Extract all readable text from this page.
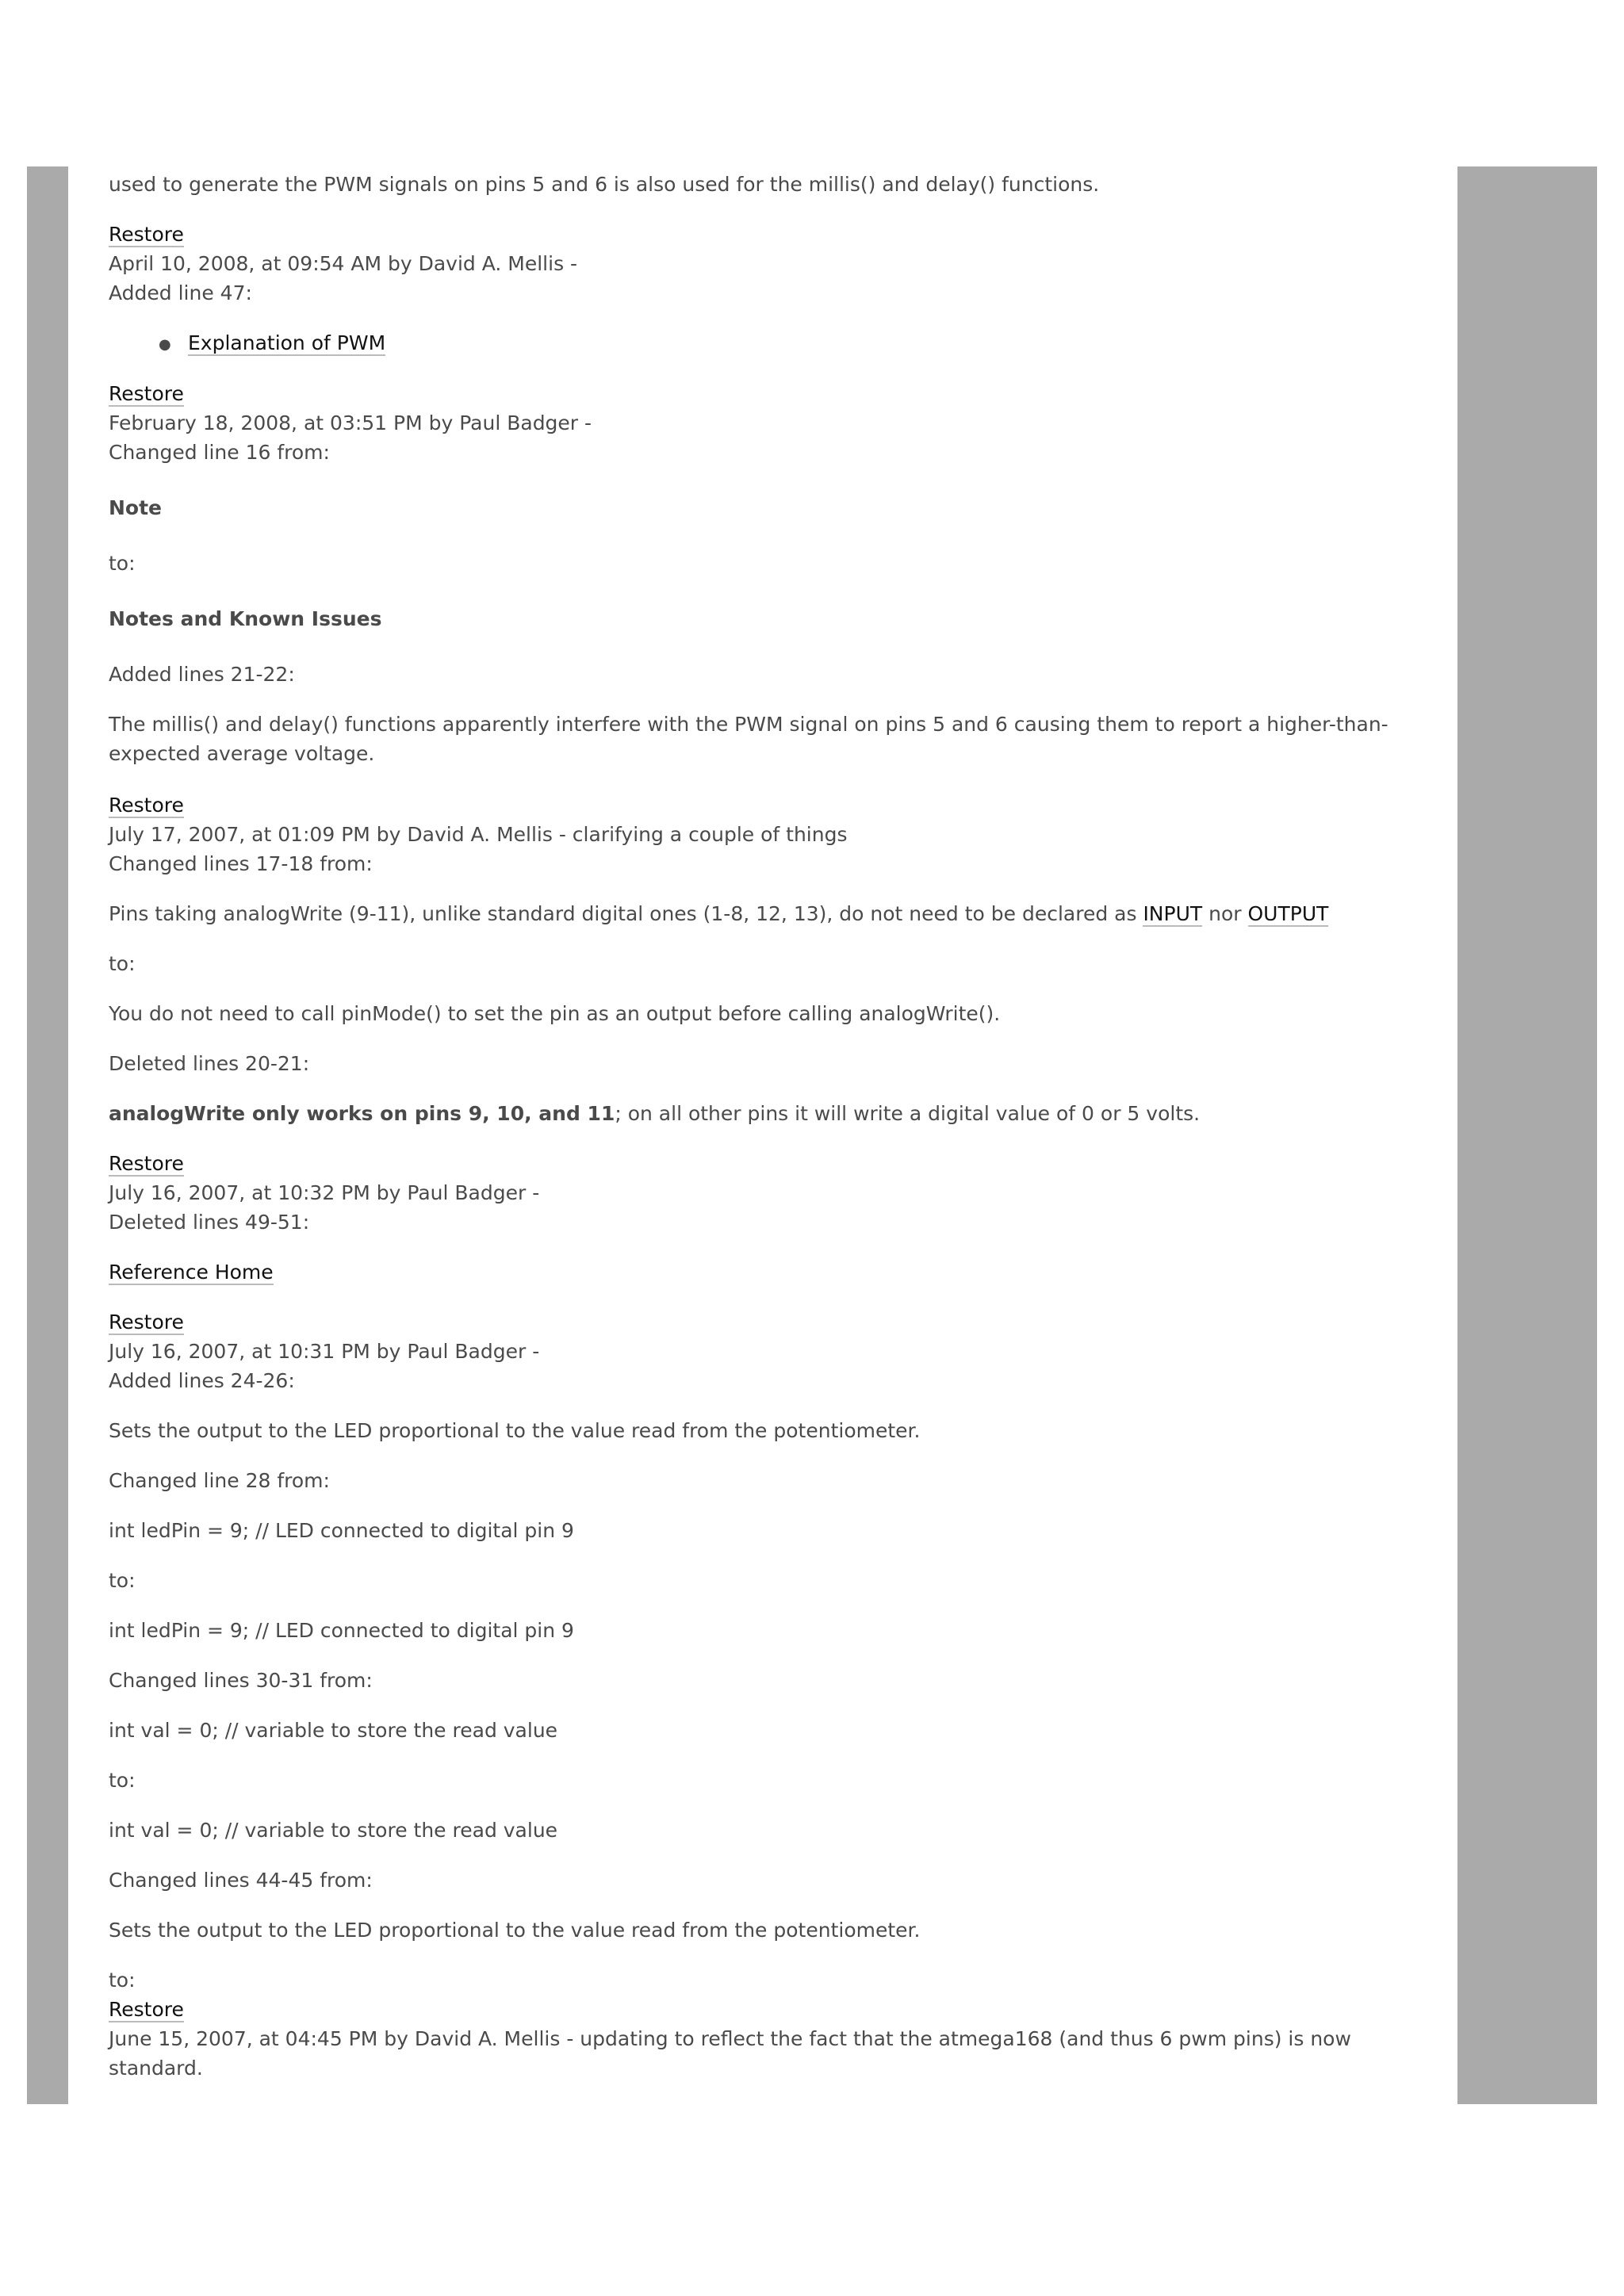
used to generate the PWM signals on pins 5 and 6 is also used for the millis() and delay() functions.
Restore
April 10, 2008, at 09:54 AM by David A. Mellis -
Added line 47:
● Explanation of PWM
Restore
February 18, 2008, at 03:51 PM by Paul Badger -
Changed line 16 from:
Note
to:
Notes and Known Issues
Added lines 21-22:
The millis() and delay() functions apparently interfere with the PWM signal on pins 5 and 6 causing them to report a higher-than-expected average voltage.
Restore
July 17, 2007, at 01:09 PM by David A. Mellis - clarifying a couple of things
Changed lines 17-18 from:
Pins taking analogWrite (9-11), unlike standard digital ones (1-8, 12, 13), do not need to be declared as INPUT nor OUTPUT
to:
You do not need to call pinMode() to set the pin as an output before calling analogWrite().
Deleted lines 20-21:
analogWrite only works on pins 9, 10, and 11; on all other pins it will write a digital value of 0 or 5 volts.
Restore
July 16, 2007, at 10:32 PM by Paul Badger -
Deleted lines 49-51:
Reference Home
Restore
July 16, 2007, at 10:31 PM by Paul Badger -
Added lines 24-26:
Sets the output to the LED proportional to the value read from the potentiometer.
Changed line 28 from:
int ledPin = 9; // LED connected to digital pin 9
to:
int ledPin = 9; // LED connected to digital pin 9
Changed lines 30-31 from:
int val = 0; // variable to store the read value
to:
int val = 0; // variable to store the read value
Changed lines 44-45 from:
Sets the output to the LED proportional to the value read from the potentiometer.
to:
Restore
June 15, 2007, at 04:45 PM by David A. Mellis - updating to reflect the fact that the atmega168 (and thus 6 pwm pins) is now standard.
